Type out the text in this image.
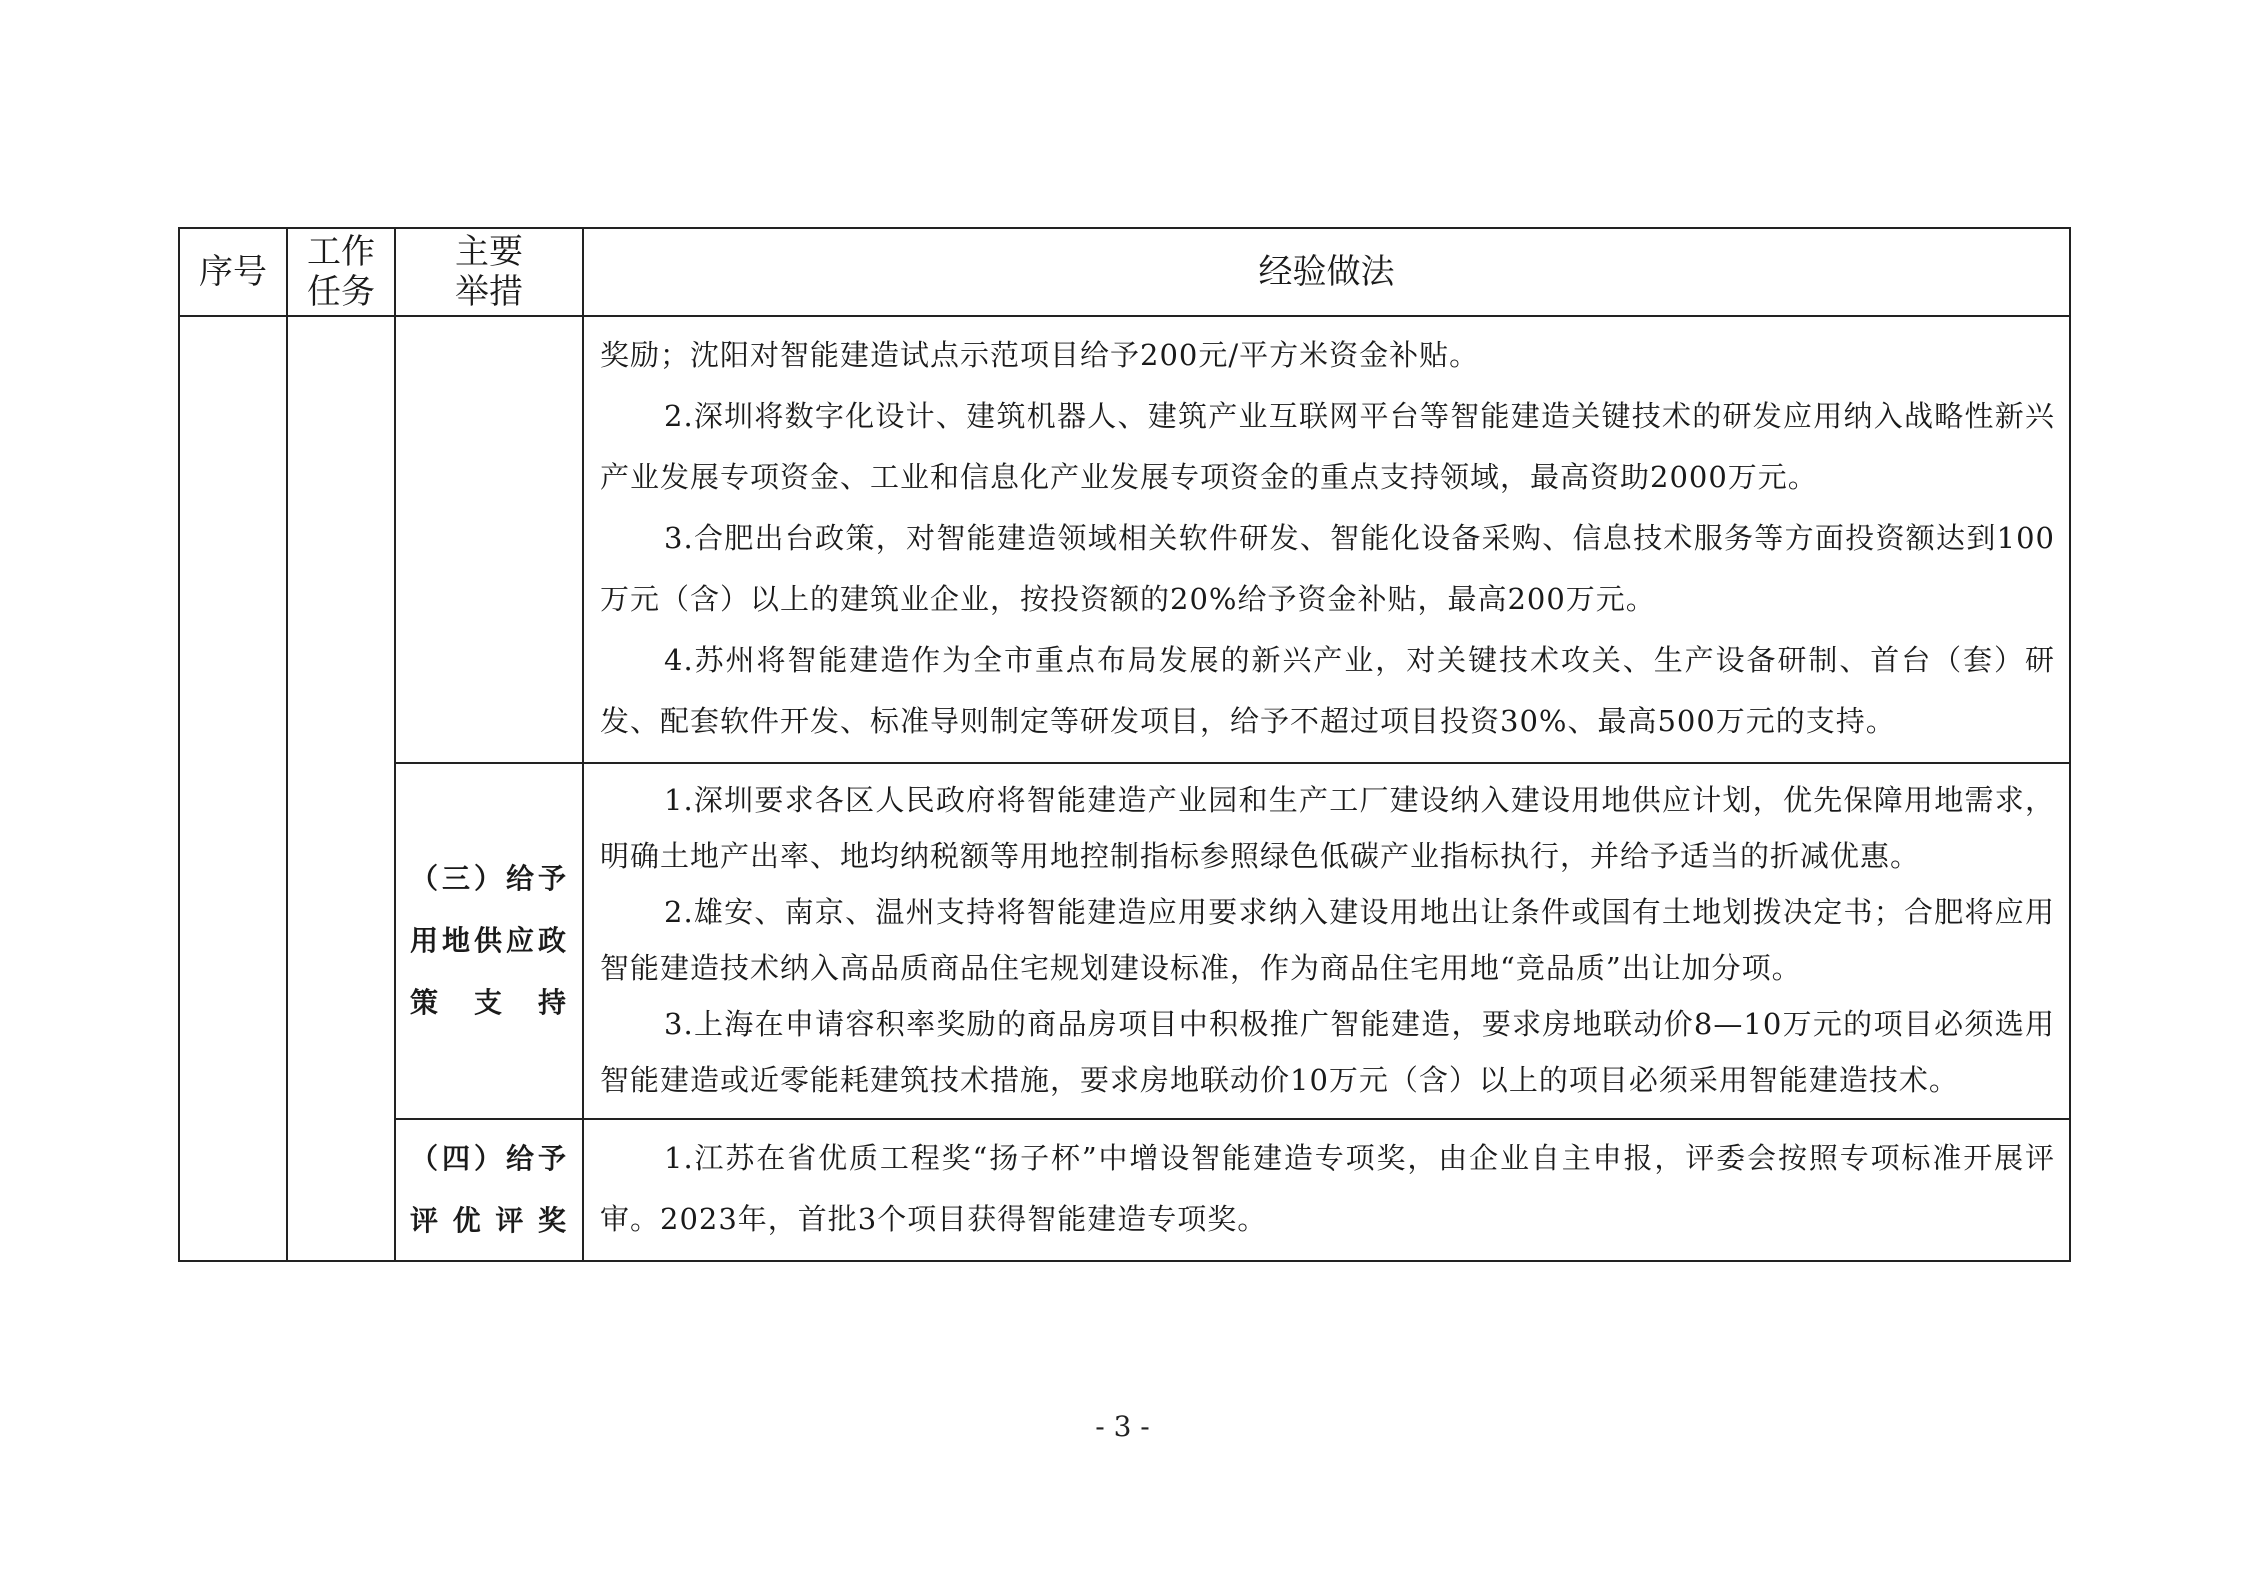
序号	工作任务	主要举措	经验做法

			奖励；沈阳对智能建造试点示范项目给予200元/平方米资金补贴。

2.深圳将数字化设计、建筑机器人、建筑产业互联网平台等智能建造关键技术的研发应用纳入战略性新兴产业发展专项资金、工业和信息化产业发展专项资金的重点支持领域，最高资助2000万元。

3.合肥出台政策，对智能建造领域相关软件研发、智能化设备采购、信息技术服务等方面投资额达到100万元（含）以上的建筑业企业，按投资额的20%给予资金补贴，最高200万元。

4.苏州将智能建造作为全市重点布局发展的新兴产业，对关键技术攻关、生产设备研制、首台（套）研发、配套软件开发、标准导则制定等研发项目，给予不超过项目投资30%、最高500万元的支持。

		（三）给予用地供应政策支持	1.深圳要求各区人民政府将智能建造产业园和生产工厂建设纳入建设用地供应计划，优先保障用地需求，明确土地产出率、地均纳税额等用地控制指标参照绿色低碳产业指标执行，并给予适当的折减优惠。

2.雄安、南京、温州支持将智能建造应用要求纳入建设用地出让条件或国有土地划拨决定书；合肥将应用智能建造技术纳入高品质商品住宅规划建设标准，作为商品住宅用地“竞品质”出让加分项。

3.上海在申请容积率奖励的商品房项目中积极推广智能建造，要求房地联动价8—10万元的项目必须选用智能建造或近零能耗建筑技术措施，要求房地联动价10万元（含）以上的项目必须采用智能建造技术。

		（四）给予评优评奖	1.江苏在省优质工程奖“扬子杯”中增设智能建造专项奖，由企业自主申报，评委会按照专项标准开展评审。2023年，首批3个项目获得智能建造专项奖。

- 3 -
